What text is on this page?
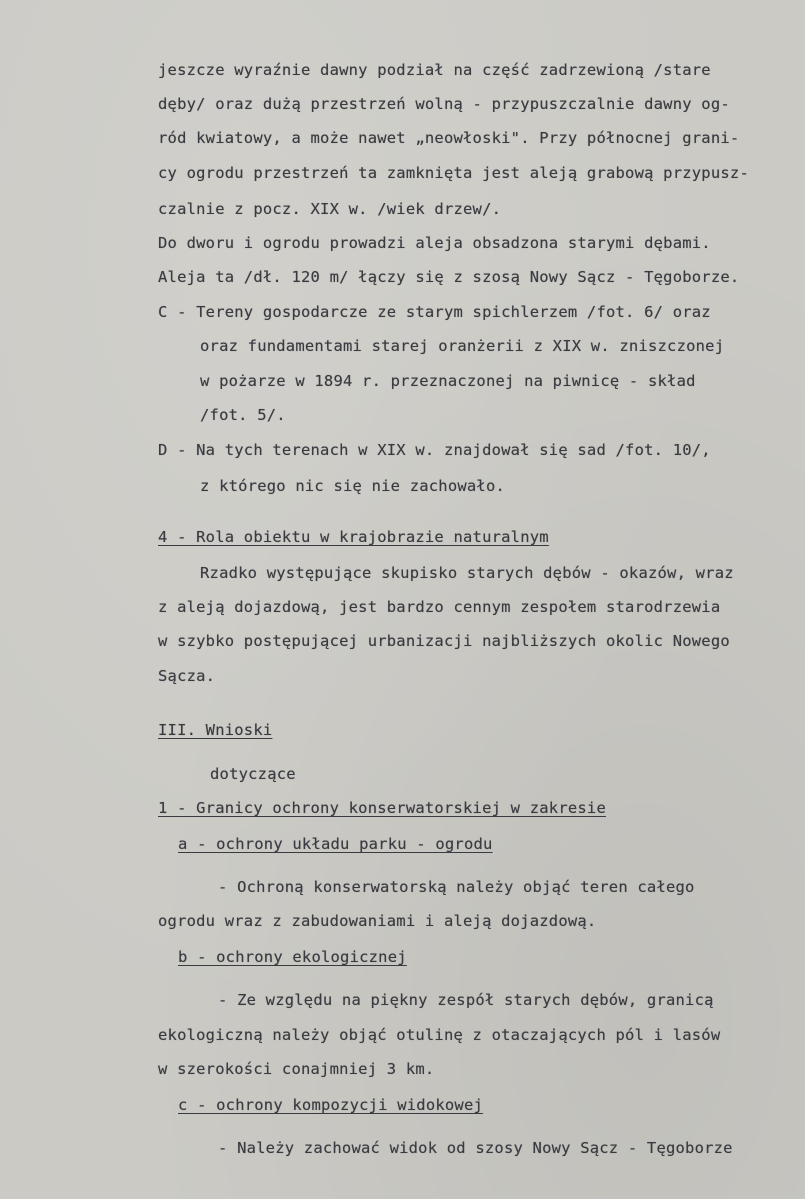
jeszcze wyraźnie dawny podział na część zadrzewioną /stare
dęby/ oraz dużą przestrzeń wolną - przypuszczalnie dawny og-
ród kwiatowy, a może nawet „neowłoski". Przy północnej grani-
cy ogrodu przestrzeń ta zamknięta jest aleją grabową przypusz-
czalnie z pocz. XIX w. /wiek drzew/.
Do dworu i ogrodu prowadzi aleja obsadzona starymi dębami.
Aleja ta /dł. 120 m/ łączy się z szosą Nowy Sącz - Tęgoborze.
C - Tereny gospodarcze ze starym spichlerzem /fot. 6/ oraz
oraz fundamentami starej oranżerii z XIX w. zniszczonej
w pożarze w 1894 r. przeznaczonej na piwnicę - skład
/fot. 5/.
D - Na tych terenach w XIX w. znajdował się sad /fot. 10/,
z którego nic się nie zachowało.
4 - Rola obiektu w krajobrazie naturalnym
Rzadko występujące skupisko starych dębów - okazów, wraz
z aleją dojazdową, jest bardzo cennym zespołem starodrzewia
w szybko postępującej urbanizacji najbliższych okolic Nowego
Sącza.
III. Wnioski
dotyczące
1 - Granicy ochrony konserwatorskiej w zakresie
a - ochrony układu parku - ogrodu
- Ochroną konserwatorską należy objąć teren całego
ogrodu wraz z zabudowaniami i aleją dojazdową.
b - ochrony ekologicznej
- Ze względu na piękny zespół starych dębów, granicą
ekologiczną należy objąć otulinę z otaczających pól i lasów
w szerokości conajmniej 3 km.
c - ochrony kompozycji widokowej
- Należy zachować widok od szosy Nowy Sącz - Tęgoborze
